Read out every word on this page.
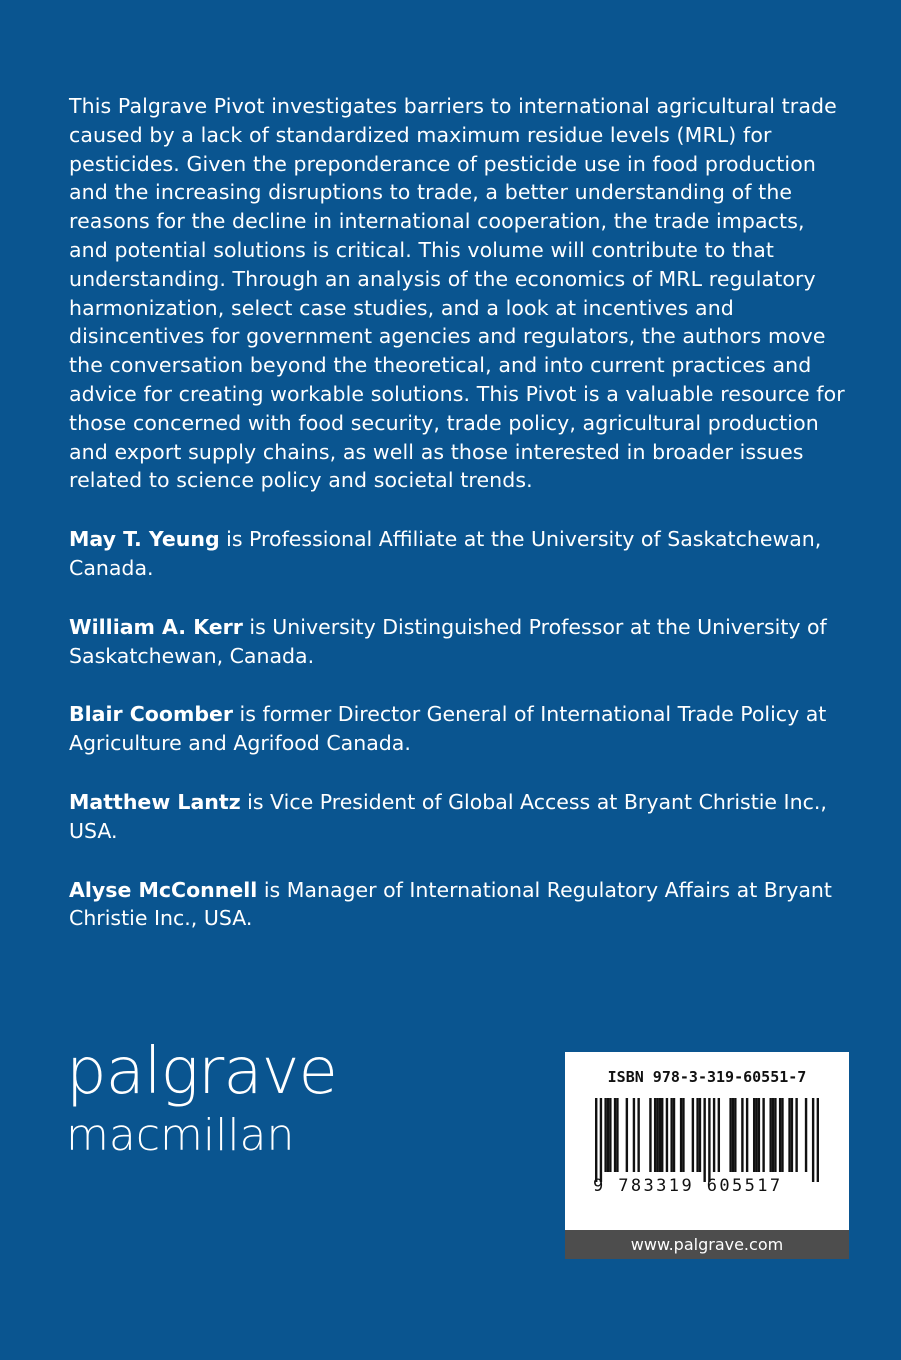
This Palgrave Pivot investigates barriers to international agricultural trade caused by a lack of standardized maximum residue levels (MRL) for pesticides. Given the preponderance of pesticide use in food production and the increasing disruptions to trade, a better understanding of the reasons for the decline in international cooperation, the trade impacts, and potential solutions is critical. This volume will contribute to that understanding. Through an analysis of the economics of MRL regulatory harmonization, select case studies, and a look at incentives and disincentives for government agencies and regulators, the authors move the conversation beyond the theoretical, and into current practices and advice for creating workable solutions. This Pivot is a valuable resource for those concerned with food security, trade policy, agricultural production and export supply chains, as well as those interested in broader issues related to science policy and societal trends.

May T. Yeung is Professional Affiliate at the University of Saskatchewan, Canada.

William A. Kerr is University Distinguished Professor at the University of Saskatchewan, Canada.

Blair Coomber is former Director General of International Trade Policy at Agriculture and Agrifood Canada.

Matthew Lantz is Vice President of Global Access at Bryant Christie Inc., USA.

Alyse McConnell is Manager of International Regulatory Affairs at Bryant Christie Inc., USA.

palgrave
macmillan
ISBN 978-3-319-60551-7
9 783319 605517
www.palgrave.com
